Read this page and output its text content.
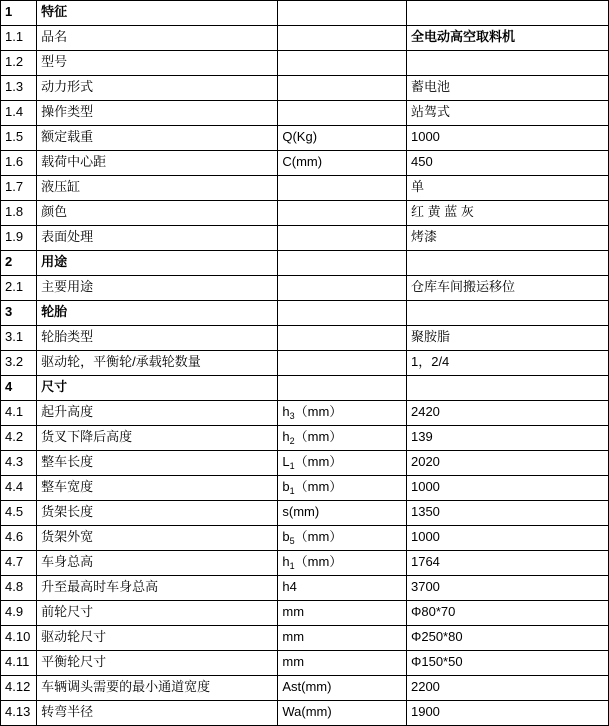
1	特征		
1.1	品名		全电动高空取料机
1.2	型号		
1.3	动力形式		蓄电池
1.4	操作类型		站驾式
1.5	额定载重	Q(Kg)	1000
1.6	载荷中心距	C(mm)	450
1.7	液压缸		单
1.8	颜色		红 黄 蓝 灰
1.9	表面处理		烤漆
2	用途		
2.1	主要用途		仓库车间搬运移位
3	轮胎		
3.1	轮胎类型		聚胺脂
3.2	驱动轮，平衡轮/承载轮数量		1，2/4
4	尺寸		
4.1	起升高度	$h_3(mm)$	2420
4.2	货叉下降后高度	$h_2(mm)$	139
4.3	整车长度	$L_1(mm)$	2020
4.4	整车宽度	$b_1(mm)$	1000
4.5	货架长度	s(mm)	1350
4.6	货架外宽	$b_5(mm)$	1000
4.7	车身总高	$h_1(mm)$	1764
4.8	升至最高时车身总高	h4	3700
4.9	前轮尺寸	mm	Φ80*70
4.10	驱动轮尺寸	mm	Φ250*80
4.11	平衡轮尺寸	mm	Φ150*50
4.12	车辆调头需要的最小通道宽度	Ast(mm)	2200
4.13	转弯半径	Wa(mm)	1900
